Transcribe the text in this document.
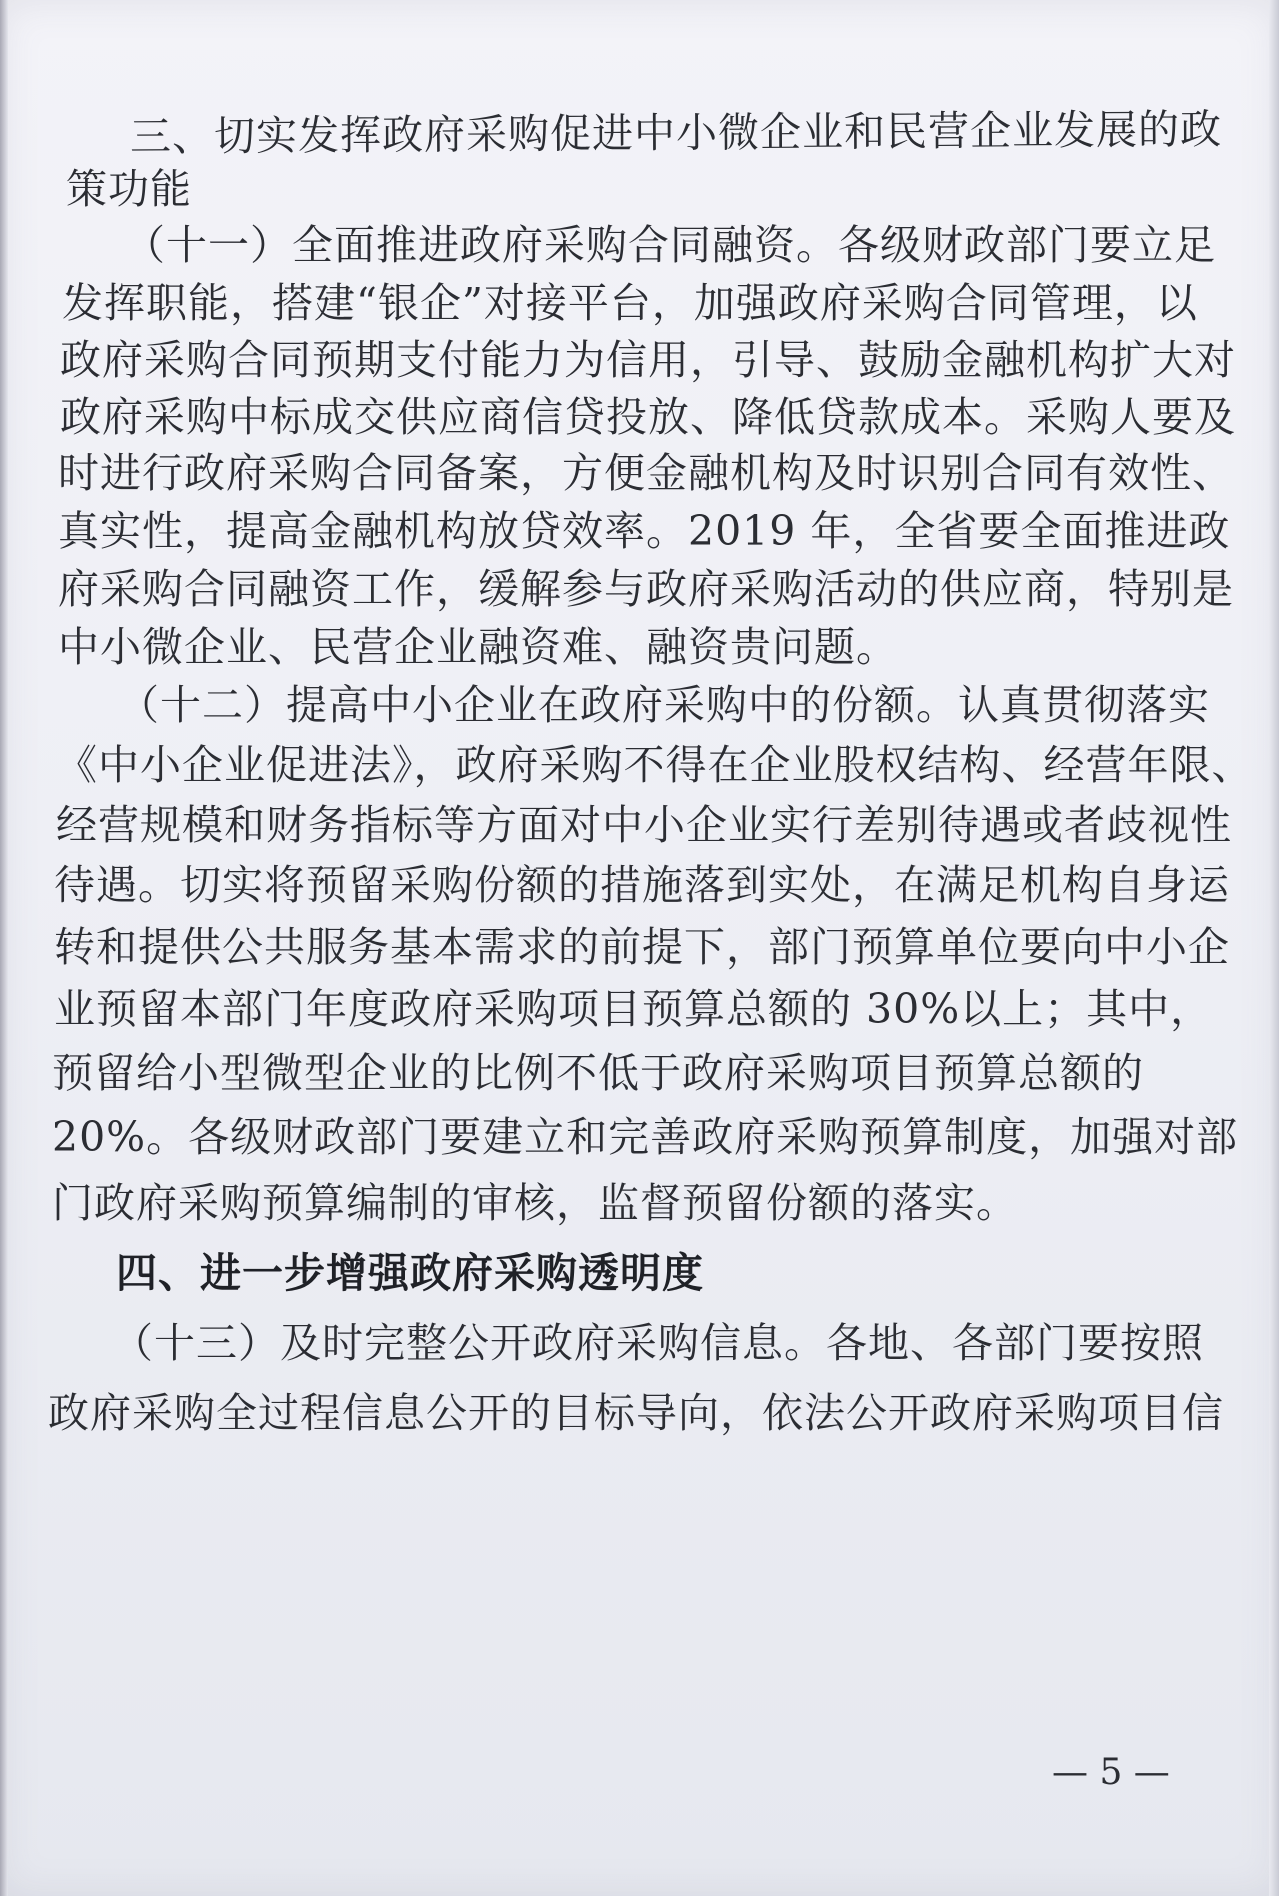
三、切实发挥政府采购促进中小微企业和民营企业发展的政
策功能
（十一）全面推进政府采购合同融资。各级财政部门要立足
发挥职能，搭建“银企”对接平台，加强政府采购合同管理，以
政府采购合同预期支付能力为信用，引导、鼓励金融机构扩大对
政府采购中标成交供应商信贷投放、降低贷款成本。采购人要及
时进行政府采购合同备案，方便金融机构及时识别合同有效性、
真实性，提高金融机构放贷效率。2019 年，全省要全面推进政
府采购合同融资工作，缓解参与政府采购活动的供应商，特别是
中小微企业、民营企业融资难、融资贵问题。
（十二）提高中小企业在政府采购中的份额。认真贯彻落实
《中小企业促进法》，政府采购不得在企业股权结构、经营年限、
经营规模和财务指标等方面对中小企业实行差别待遇或者歧视性
待遇。切实将预留采购份额的措施落到实处，在满足机构自身运
转和提供公共服务基本需求的前提下，部门预算单位要向中小企
业预留本部门年度政府采购项目预算总额的 30%以上；其中，
预留给小型微型企业的比例不低于政府采购项目预算总额的
20%。各级财政部门要建立和完善政府采购预算制度，加强对部
门政府采购预算编制的审核，监督预留份额的落实。
四、进一步增强政府采购透明度
（十三）及时完整公开政府采购信息。各地、各部门要按照
政府采购全过程信息公开的目标导向，依法公开政府采购项目信
— 5 —
